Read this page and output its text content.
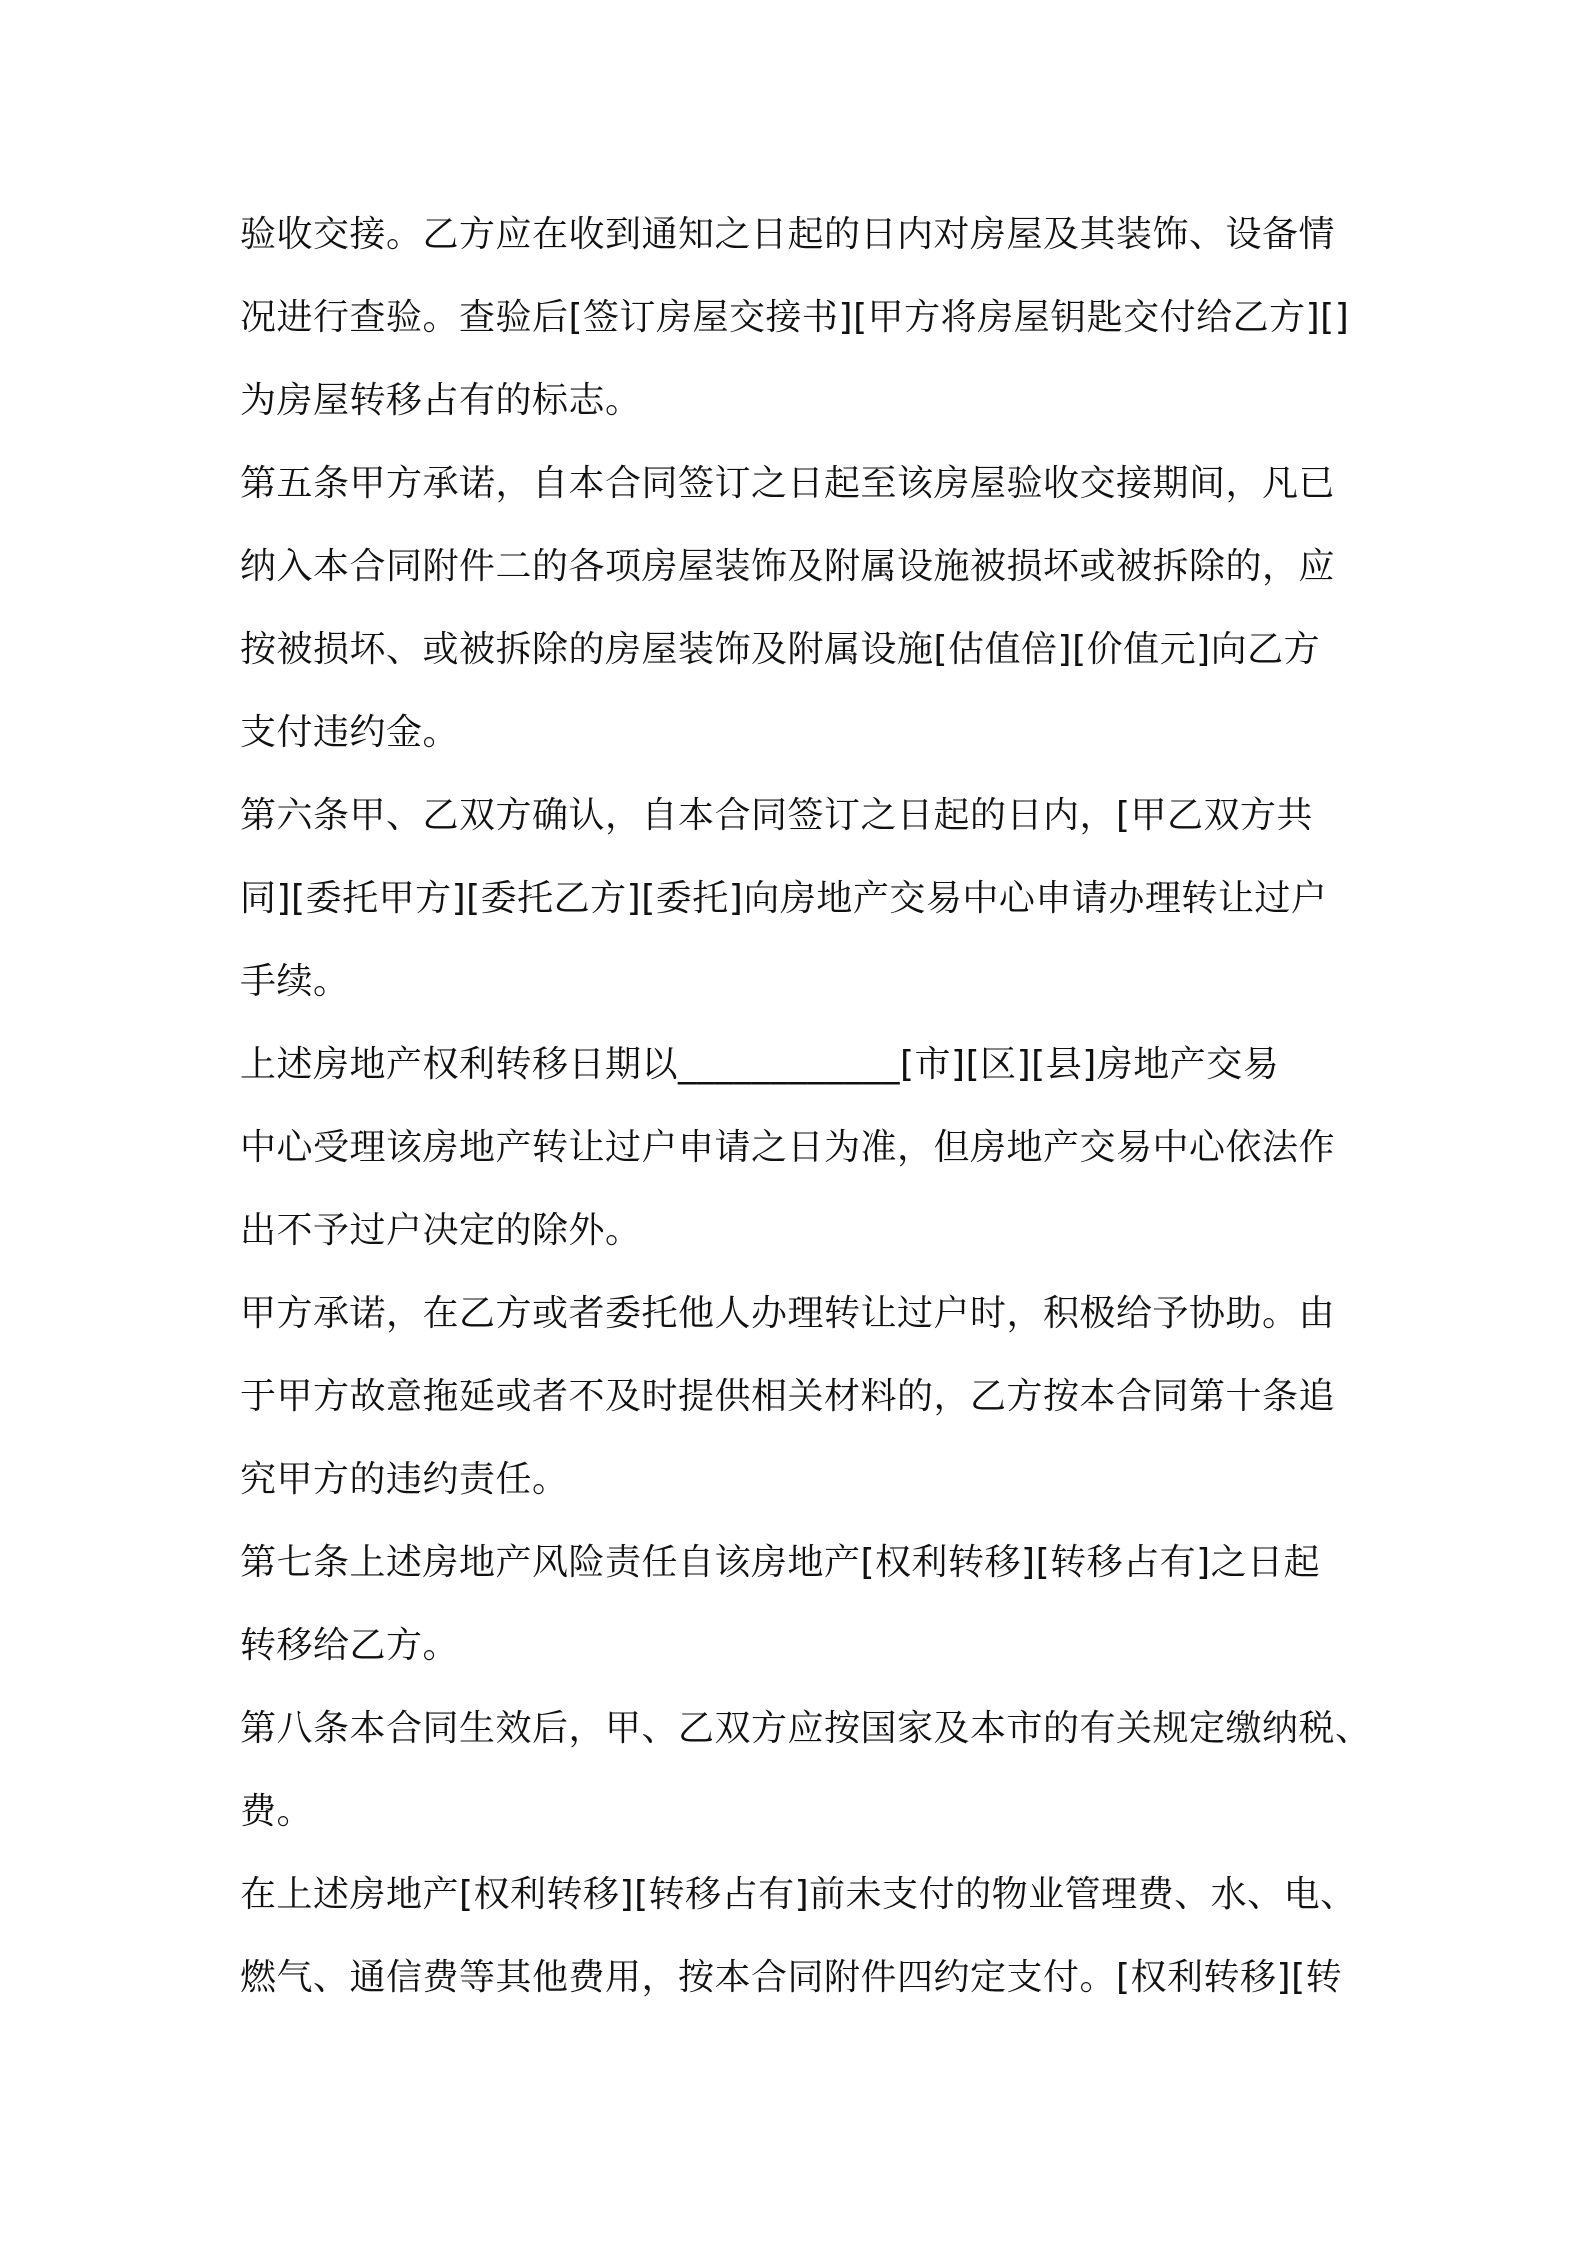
验收交接。乙方应在收到通知之日起的日内对房屋及其装饰、设备情
况进行查验。查验后[签订房屋交接书][甲方将房屋钥匙交付给乙方][]
为房屋转移占有的标志。
第五条甲方承诺，自本合同签订之日起至该房屋验收交接期间，凡已
纳入本合同附件二的各项房屋装饰及附属设施被损坏或被拆除的，应
按被损坏、或被拆除的房屋装饰及附属设施[估值倍][价值元]向乙方
支付违约金。
第六条甲、乙双方确认，自本合同签订之日起的日内，[甲乙双方共
同][委托甲方][委托乙方][委托]向房地产交易中心申请办理转让过户
手续。
上述房地产权利转移日期以____________[市][区][县]房地产交易
中心受理该房地产转让过户申请之日为准，但房地产交易中心依法作
出不予过户决定的除外。
甲方承诺，在乙方或者委托他人办理转让过户时，积极给予协助。由
于甲方故意拖延或者不及时提供相关材料的，乙方按本合同第十条追
究甲方的违约责任。
第七条上述房地产风险责任自该房地产[权利转移][转移占有]之日起
转移给乙方。
第八条本合同生效后，甲、乙双方应按国家及本市的有关规定缴纳税、
费。
在上述房地产[权利转移][转移占有]前未支付的物业管理费、水、电、
燃气、通信费等其他费用，按本合同附件四约定支付。[权利转移][转
